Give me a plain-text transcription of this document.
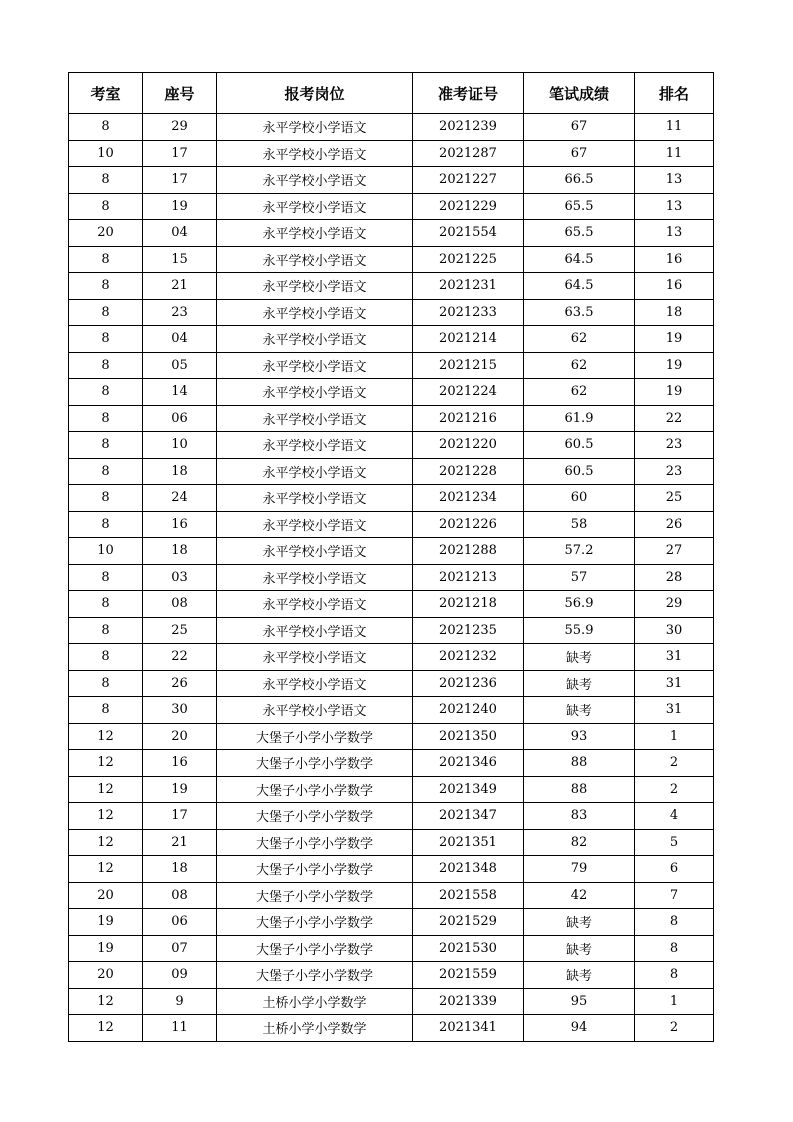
考室	座号	报考岗位	准考证号	笔试成绩	排名
8	29	永平学校小学语文	2021239	67	11
10	17	永平学校小学语文	2021287	67	11
8	17	永平学校小学语文	2021227	66.5	13
8	19	永平学校小学语文	2021229	65.5	13
20	04	永平学校小学语文	2021554	65.5	13
8	15	永平学校小学语文	2021225	64.5	16
8	21	永平学校小学语文	2021231	64.5	16
8	23	永平学校小学语文	2021233	63.5	18
8	04	永平学校小学语文	2021214	62	19
8	05	永平学校小学语文	2021215	62	19
8	14	永平学校小学语文	2021224	62	19
8	06	永平学校小学语文	2021216	61.9	22
8	10	永平学校小学语文	2021220	60.5	23
8	18	永平学校小学语文	2021228	60.5	23
8	24	永平学校小学语文	2021234	60	25
8	16	永平学校小学语文	2021226	58	26
10	18	永平学校小学语文	2021288	57.2	27
8	03	永平学校小学语文	2021213	57	28
8	08	永平学校小学语文	2021218	56.9	29
8	25	永平学校小学语文	2021235	55.9	30
8	22	永平学校小学语文	2021232	缺考	31
8	26	永平学校小学语文	2021236	缺考	31
8	30	永平学校小学语文	2021240	缺考	31
12	20	大堡子小学小学数学	2021350	93	1
12	16	大堡子小学小学数学	2021346	88	2
12	19	大堡子小学小学数学	2021349	88	2
12	17	大堡子小学小学数学	2021347	83	4
12	21	大堡子小学小学数学	2021351	82	5
12	18	大堡子小学小学数学	2021348	79	6
20	08	大堡子小学小学数学	2021558	42	7
19	06	大堡子小学小学数学	2021529	缺考	8
19	07	大堡子小学小学数学	2021530	缺考	8
20	09	大堡子小学小学数学	2021559	缺考	8
12	9	土桥小学小学数学	2021339	95	1
12	11	土桥小学小学数学	2021341	94	2
